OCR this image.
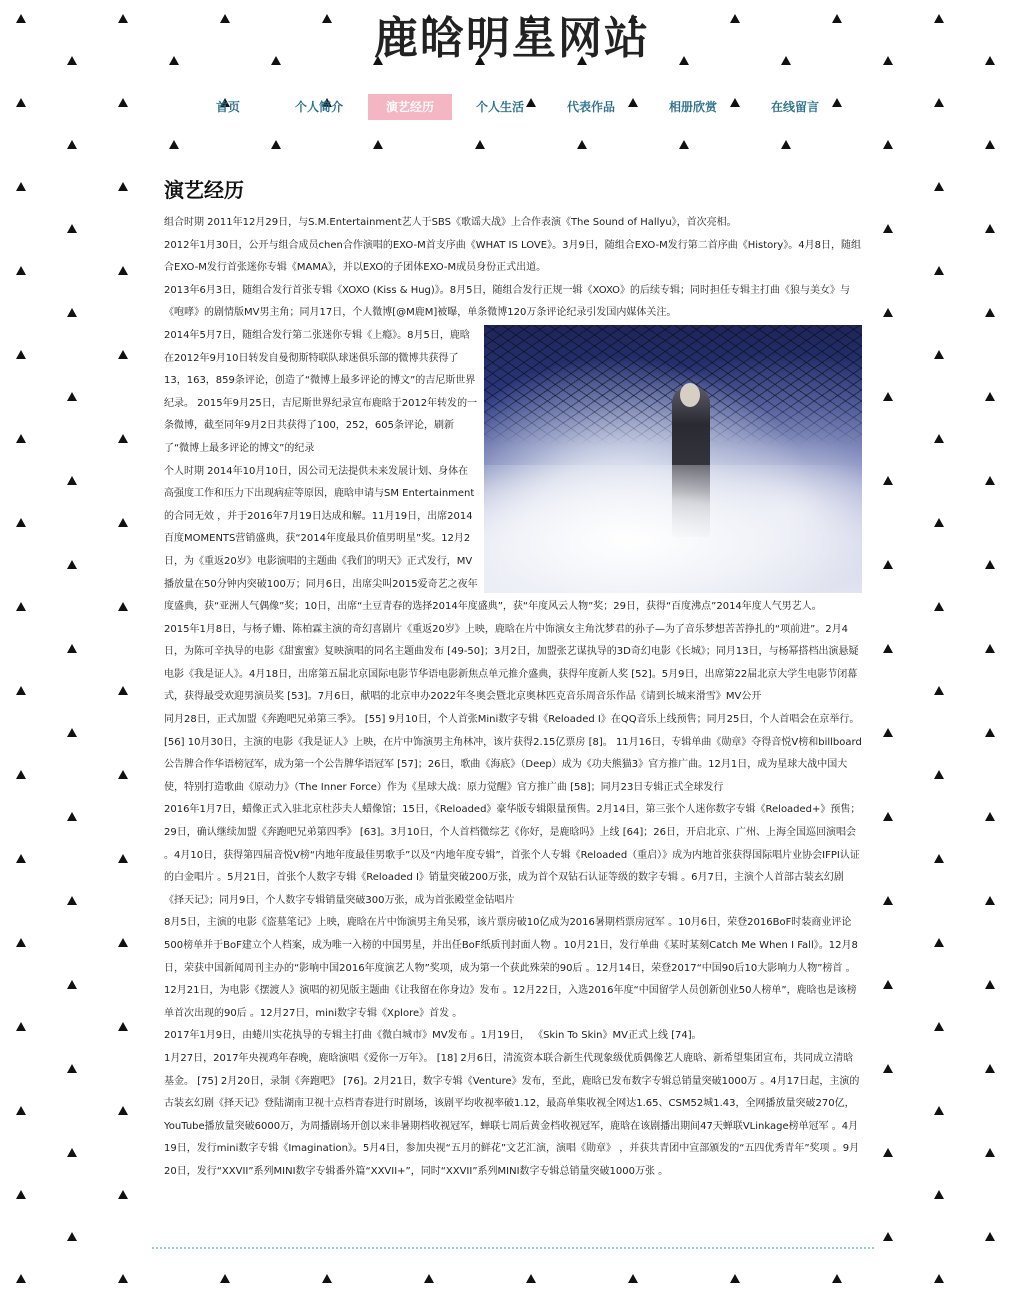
鹿晗明星网站
首页	个人简介	演艺经历	个人生活	代表作品	相册欣赏	在线留言
演艺经历

组合时期 2011年12月29日，与S.M.Entertainment艺人于SBS《歌谣大战》上合作表演《The Sound of Hallyu》，首次亮相。

2012年1月30日，公开与组合成员chen合作演唱的EXO-M首支序曲《WHAT IS LOVE》。3月9日，随组合EXO-M发行第二首序曲《History》。4月8日，随组合EXO-M发行首张迷你专辑《MAMA》，并以EXO的子团体EXO-M成员身份正式出道。

2013年6月3日，随组合发行首张专辑《XOXO (Kiss & Hug)》。8月5日，随组合发行正规一辑《XOXO》的后续专辑；同时担任专辑主打曲《狼与美女》与《咆哮》的剧情版MV男主角；同月17日，个人微博[@M鹿M]被曝，单条微博120万条评论纪录引发国内媒体关注。

2014年5月7日，随组合发行第二张迷你专辑《上瘾》。8月5日，鹿晗在2012年9月10日转发自曼彻斯特联队球迷俱乐部的微博共获得了13，163，859条评论，创造了“微博上最多评论的博文”的吉尼斯世界纪录。 2015年9月25日，吉尼斯世界纪录宣布鹿晗于2012年转发的一条微博，截至同年9月2日共获得了100，252，605条评论，刷新了“微博上最多评论的博文”的纪录

个人时期 2014年10月10日，因公司无法提供未来发展计划、身体在高强度工作和压力下出现病症等原因，鹿晗申请与SM Entertainment的合同无效 ，并于2016年7月19日达成和解。11月19日，出席2014百度MOMENTS营销盛典，获“2014年度最具价值男明星”奖。12月2日，为《重返20岁》电影演唱的主题曲《我们的明天》正式发行，MV播放量在50分钟内突破100万；同月6日，出席尖叫2015爱奇艺之夜年度盛典，获“亚洲人气偶像”奖；10日，出席“土豆青春的选择2014年度盛典”，获“年度风云人物”奖；29日，获得“百度沸点”2014年度人气男艺人。

2015年1月8日，与杨子姗、陈柏霖主演的奇幻喜剧片《重返20岁》上映，鹿晗在片中饰演女主角沈梦君的孙子—为了音乐梦想苦苦挣扎的“项前进”。2月4日，为陈可辛执导的电影《甜蜜蜜》复映演唱的同名主题曲发布 [49-50]；3月2日，加盟张艺谋执导的3D奇幻电影《长城》；同月13日，与杨幂搭档出演悬疑电影《我是证人》。4月18日，出席第五届北京国际电影节华语电影新焦点单元推介盛典，获得年度新人奖 [52]。5月9日，出席第22届北京大学生电影节闭幕式，获得最受欢迎男演员奖 [53]。7月6日，献唱的北京申办2022年冬奥会暨北京奥林匹克音乐周音乐作品《请到长城来滑雪》MV公开

同月28日，正式加盟《奔跑吧兄弟第三季》。 [55] 9月10日，个人首张Mini数字专辑《Reloaded I》在QQ音乐上线预售；同月25日，个人首唱会在京举行。 [56] 10月30日，主演的电影《我是证人》上映，在片中饰演男主角林冲，该片获得2.15亿票房 [8]。 11月16日，专辑单曲《勋章》夺得音悦V榜和billboard公告牌合作华语榜冠军，成为第一个公告牌华语冠军 [57]；26日，歌曲《海底》（Deep）成为《功夫熊猫3》官方推广曲。12月1日，成为星球大战中国大使，特别打造歌曲《原动力》（The Inner Force）作为《星球大战：原力觉醒》官方推广曲 [58]；同月23日专辑正式全球发行

2016年1月7日，蜡像正式入驻北京杜莎夫人蜡像馆；15日，《Reloaded》豪华版专辑限量预售。2月14日，第三张个人迷你数字专辑《Reloaded+》预售；29日，确认继续加盟《奔跑吧兄弟第四季》 [63]。3月10日，个人首档微综艺《你好，是鹿晗吗》上线 [64]；26日，开启北京、广州、上海全国巡回演唱会 。4月10日，获得第四届音悦V榜“内地年度最佳男歌手”以及“内地年度专辑”，首张个人专辑《Reloaded（重启）》成为内地首张获得国际唱片业协会IFPI认证的白金唱片 。5月21日，首张个人数字专辑《Reloaded I》销量突破200万张，成为首个双钻石认证等级的数字专辑 。6月7日，主演个人首部古装玄幻剧《择天记》；同月9日，个人数字专辑销量突破300万张，成为首张殿堂金钻唱片

8月5日，主演的电影《盗墓笔记》上映，鹿晗在片中饰演男主角吴邪，该片票房破10亿成为2016暑期档票房冠军 。10月6日，荣登2016BoF时装商业评论500榜单并于BoF建立个人档案，成为唯一入榜的中国男星，并出任BoF纸质刊封面人物 。10月21日，发行单曲《某时某刻Catch Me When I Fall》。12月8日，荣获中国新闻周刊主办的“影响中国2016年度演艺人物”奖项，成为第一个获此殊荣的90后 。12月14日，荣登2017“中国90后10大影响力人物”榜首 。12月21日，为电影《摆渡人》演唱的初见版主题曲《让我留在你身边》发布 。12月22日，入选2016年度“中国留学人员创新创业50人榜单”，鹿晗也是该榜单首次出现的90后 。12月27日，mini数字专辑《Xplore》首发 。

2017年1月9日，由蜷川实花执导的专辑主打曲《微白城市》MV发布 。1月19日， 《Skin To Skin》MV正式上线 [74]。

1月27日，2017年央视鸡年春晚，鹿晗演唱《爱你一万年》。 [18] 2月6日，清流资本联合新生代现象级优质偶像艺人鹿晗、新希望集团宣布，共同成立清晗基金。 [75] 2月20日，录制《奔跑吧》 [76]。2月21日，数字专辑《Venture》发布，至此，鹿晗已发布数字专辑总销量突破1000万 。4月17日起，主演的古装玄幻剧《择天记》登陆湖南卫视十点档青春进行时剧场，该剧平均收视率破1.12，最高单集收视全网达1.65、CSM52城1.43，全网播放量突破270亿，YouTube播放量突破6000万，为周播剧场开创以来非暑期档收视冠军，蝉联七周后黄金档收视冠军，鹿晗在该剧播出期间47天蝉联VLinkage榜单冠军 。4月19日，发行mini数字专辑《Imagination》。5月4日，参加央视“五月的鲜花”文艺汇演，演唱《勋章》 ，并获共青团中宣部颁发的“五四优秀青年”奖项 。9月20日，发行“XXVII”系列MINI数字专辑番外篇“XXVII+”，同时“XXVII”系列MINI数字专辑总销量突破1000万张 。
